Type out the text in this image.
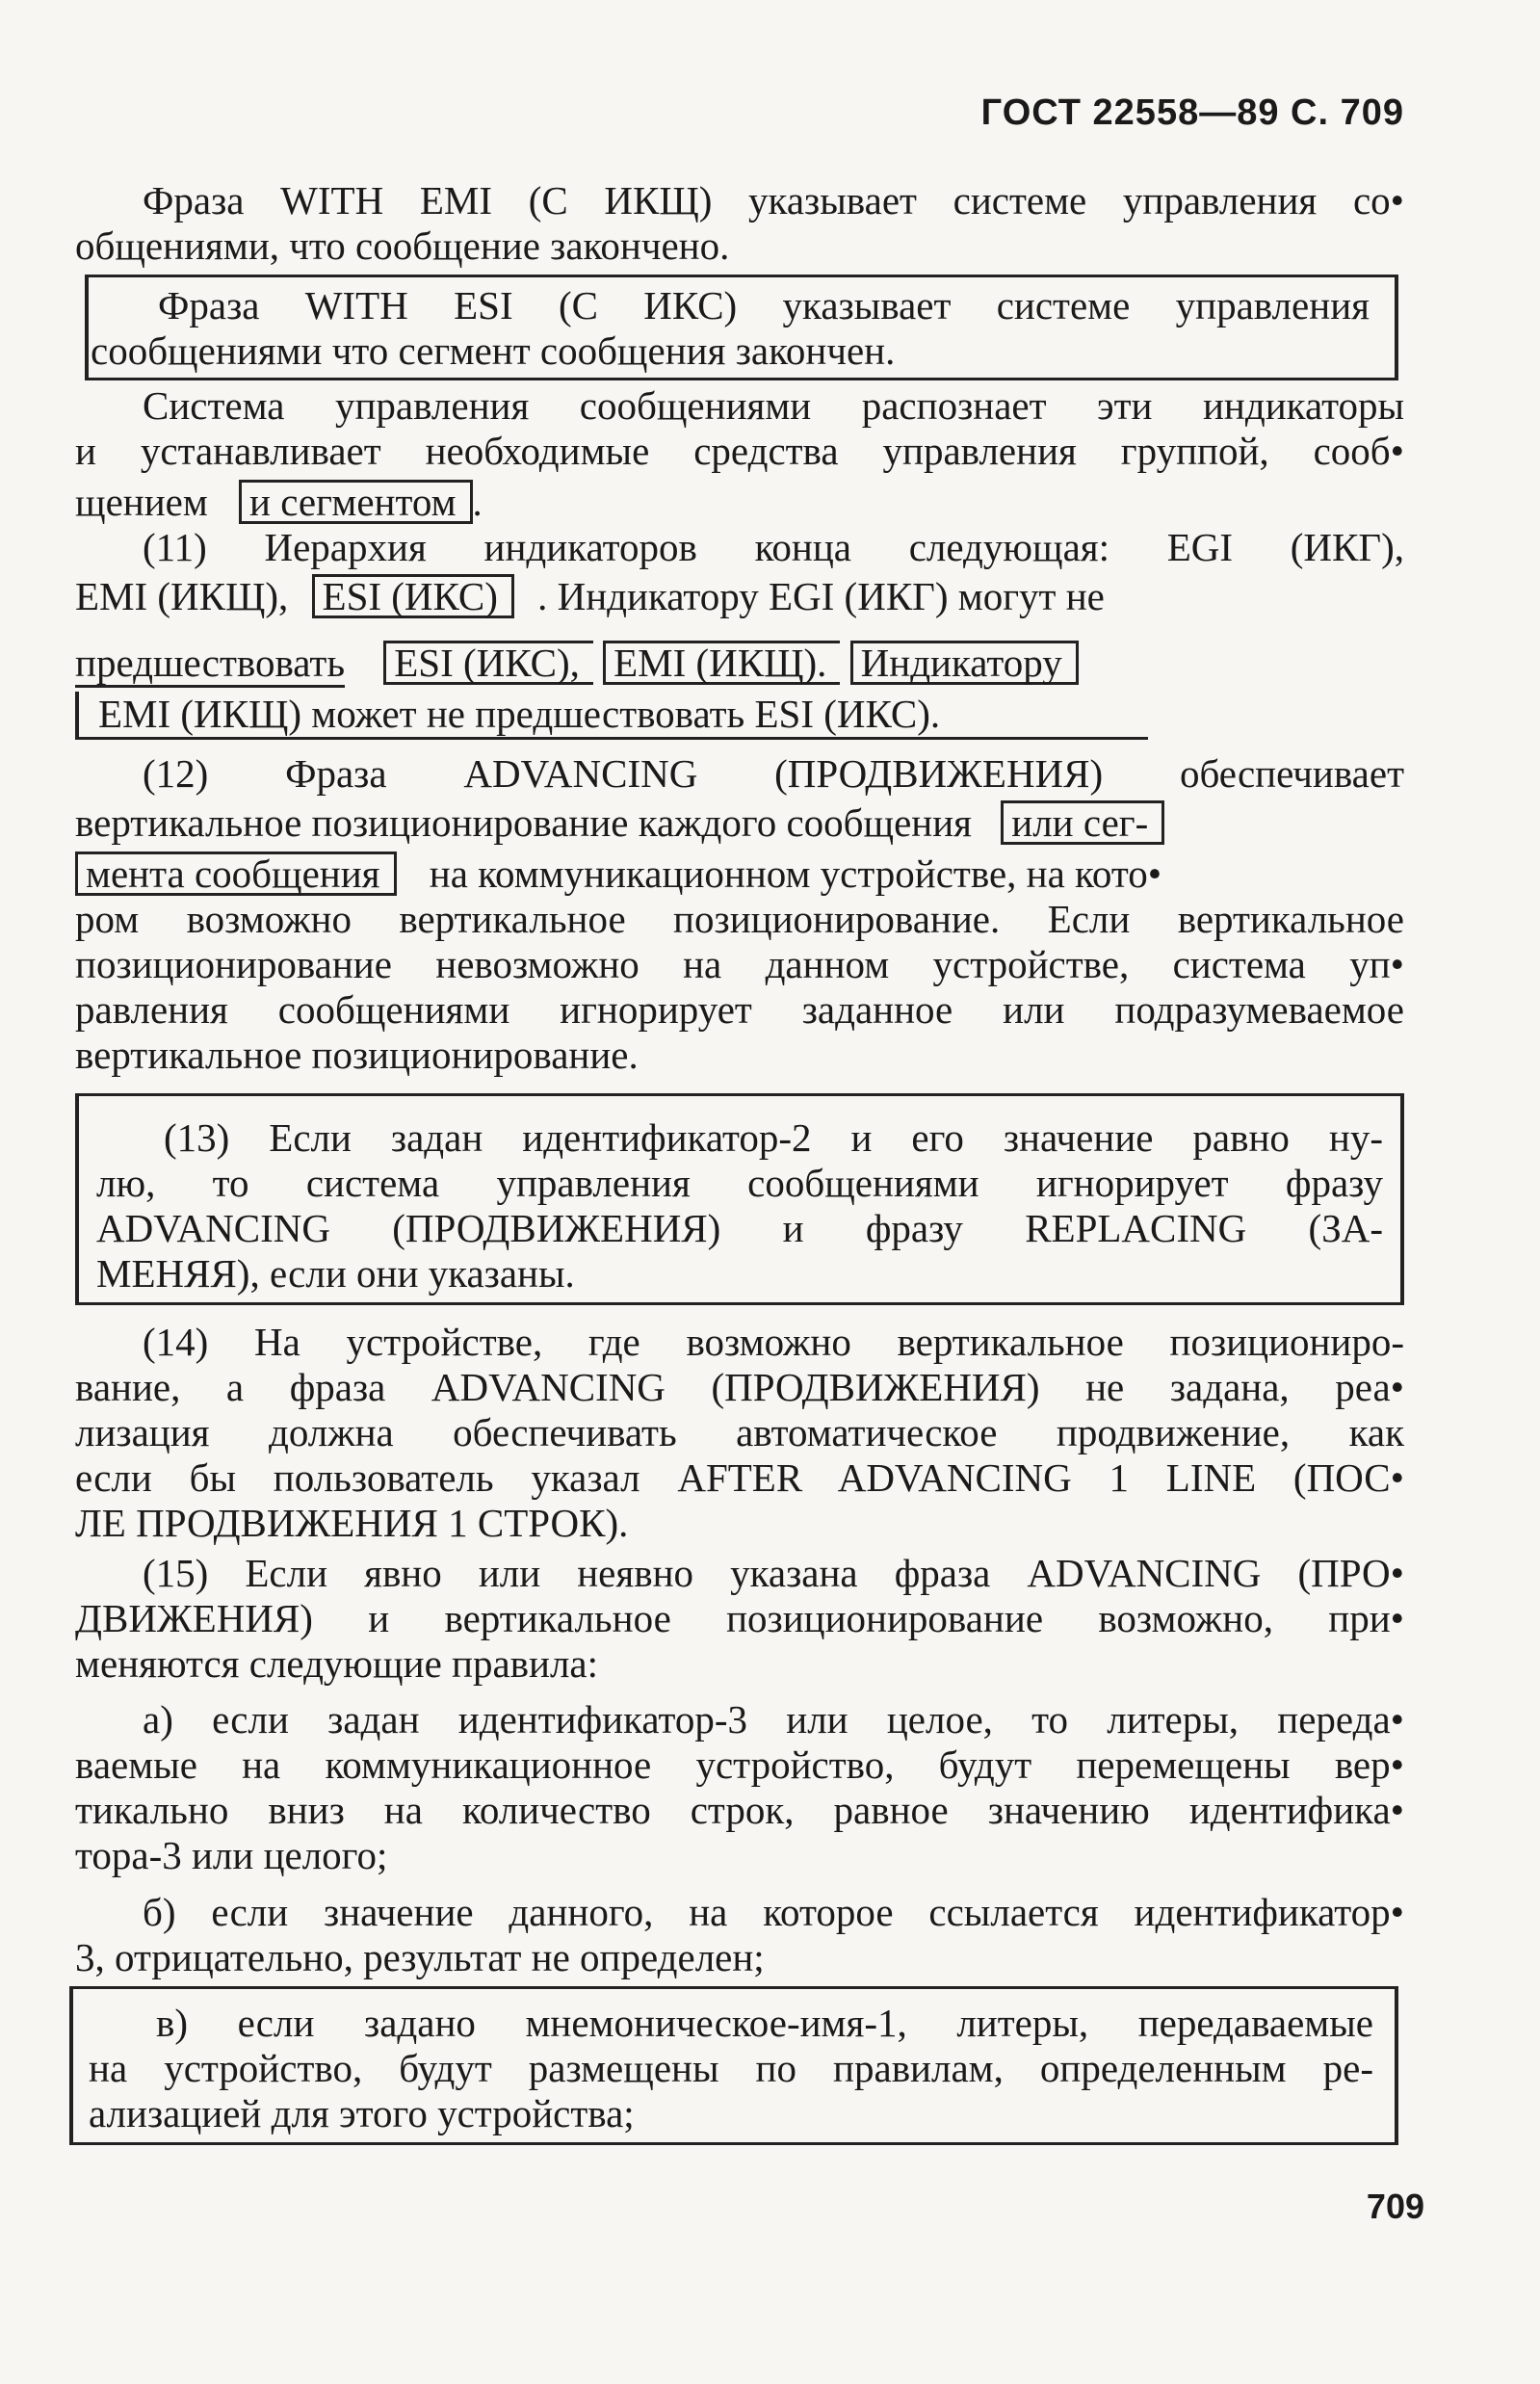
ГОСТ 22558—89 С. 709
Фраза WITH EMI (С ИКЩ) указывает системе управления со•
общениями, что сообщение закончено.
Фраза WITH ESI (С ИКС) указывает системе управления
сообщениями что сегмент сообщения закончен.
Система управления сообщениями распознает эти индикаторы
и устанавливает необходимые средства управления группой, сооб•
щением и сегментом .
(11) Иерархия индикаторов конца следующая: EGI (ИКГ),
EMI (ИКЩ), ESI (ИКС) . Индикатору EGI (ИКГ) могут не
предшествовать ESI (ИКС), EMI (ИКЩ). Индикатору
EMI (ИКЩ) может не предшествовать ESI (ИКС).
(12) Фраза ADVANCING (ПРОДВИЖЕНИЯ) обеспечивает
вертикальное позиционирование каждого сообщения или сег-
мента сообщения на коммуникационном устройстве, на кото•
ром возможно вертикальное позиционирование. Если вертикальное
позиционирование невозможно на данном устройстве, система уп•
равления сообщениями игнорирует заданное или подразумеваемое
вертикальное позиционирование.
(13) Если задан идентификатор-2 и его значение равно ну-
лю, то система управления сообщениями игнорирует фразу
ADVANCING (ПРОДВИЖЕНИЯ) и фразу REPLACING (ЗА-
МЕНЯЯ), если они указаны.
(14) На устройстве, где возможно вертикальное позициониро-
вание, а фраза ADVANCING (ПРОДВИЖЕНИЯ) не задана, реа•
лизация должна обеспечивать автоматическое продвижение, как
если бы пользователь указал AFTER ADVANCING 1 LINE (ПОС•
ЛЕ ПРОДВИЖЕНИЯ 1 СТРОК).
(15) Если явно или неявно указана фраза ADVANCING (ПРО•
ДВИЖЕНИЯ) и вертикальное позиционирование возможно, при•
меняются следующие правила:
а) если задан идентификатор-3 или целое, то литеры, переда•
ваемые на коммуникационное устройство, будут перемещены вер•
тикально вниз на количество строк, равное значению идентифика•
тора-3 или целого;
б) если значение данного, на которое ссылается идентификатор•
3, отрицательно, результат не определен;
в) если задано мнемоническое-имя-1, литеры, передаваемые
на устройство, будут размещены по правилам, определенным ре-
ализацией для этого устройства;
709
